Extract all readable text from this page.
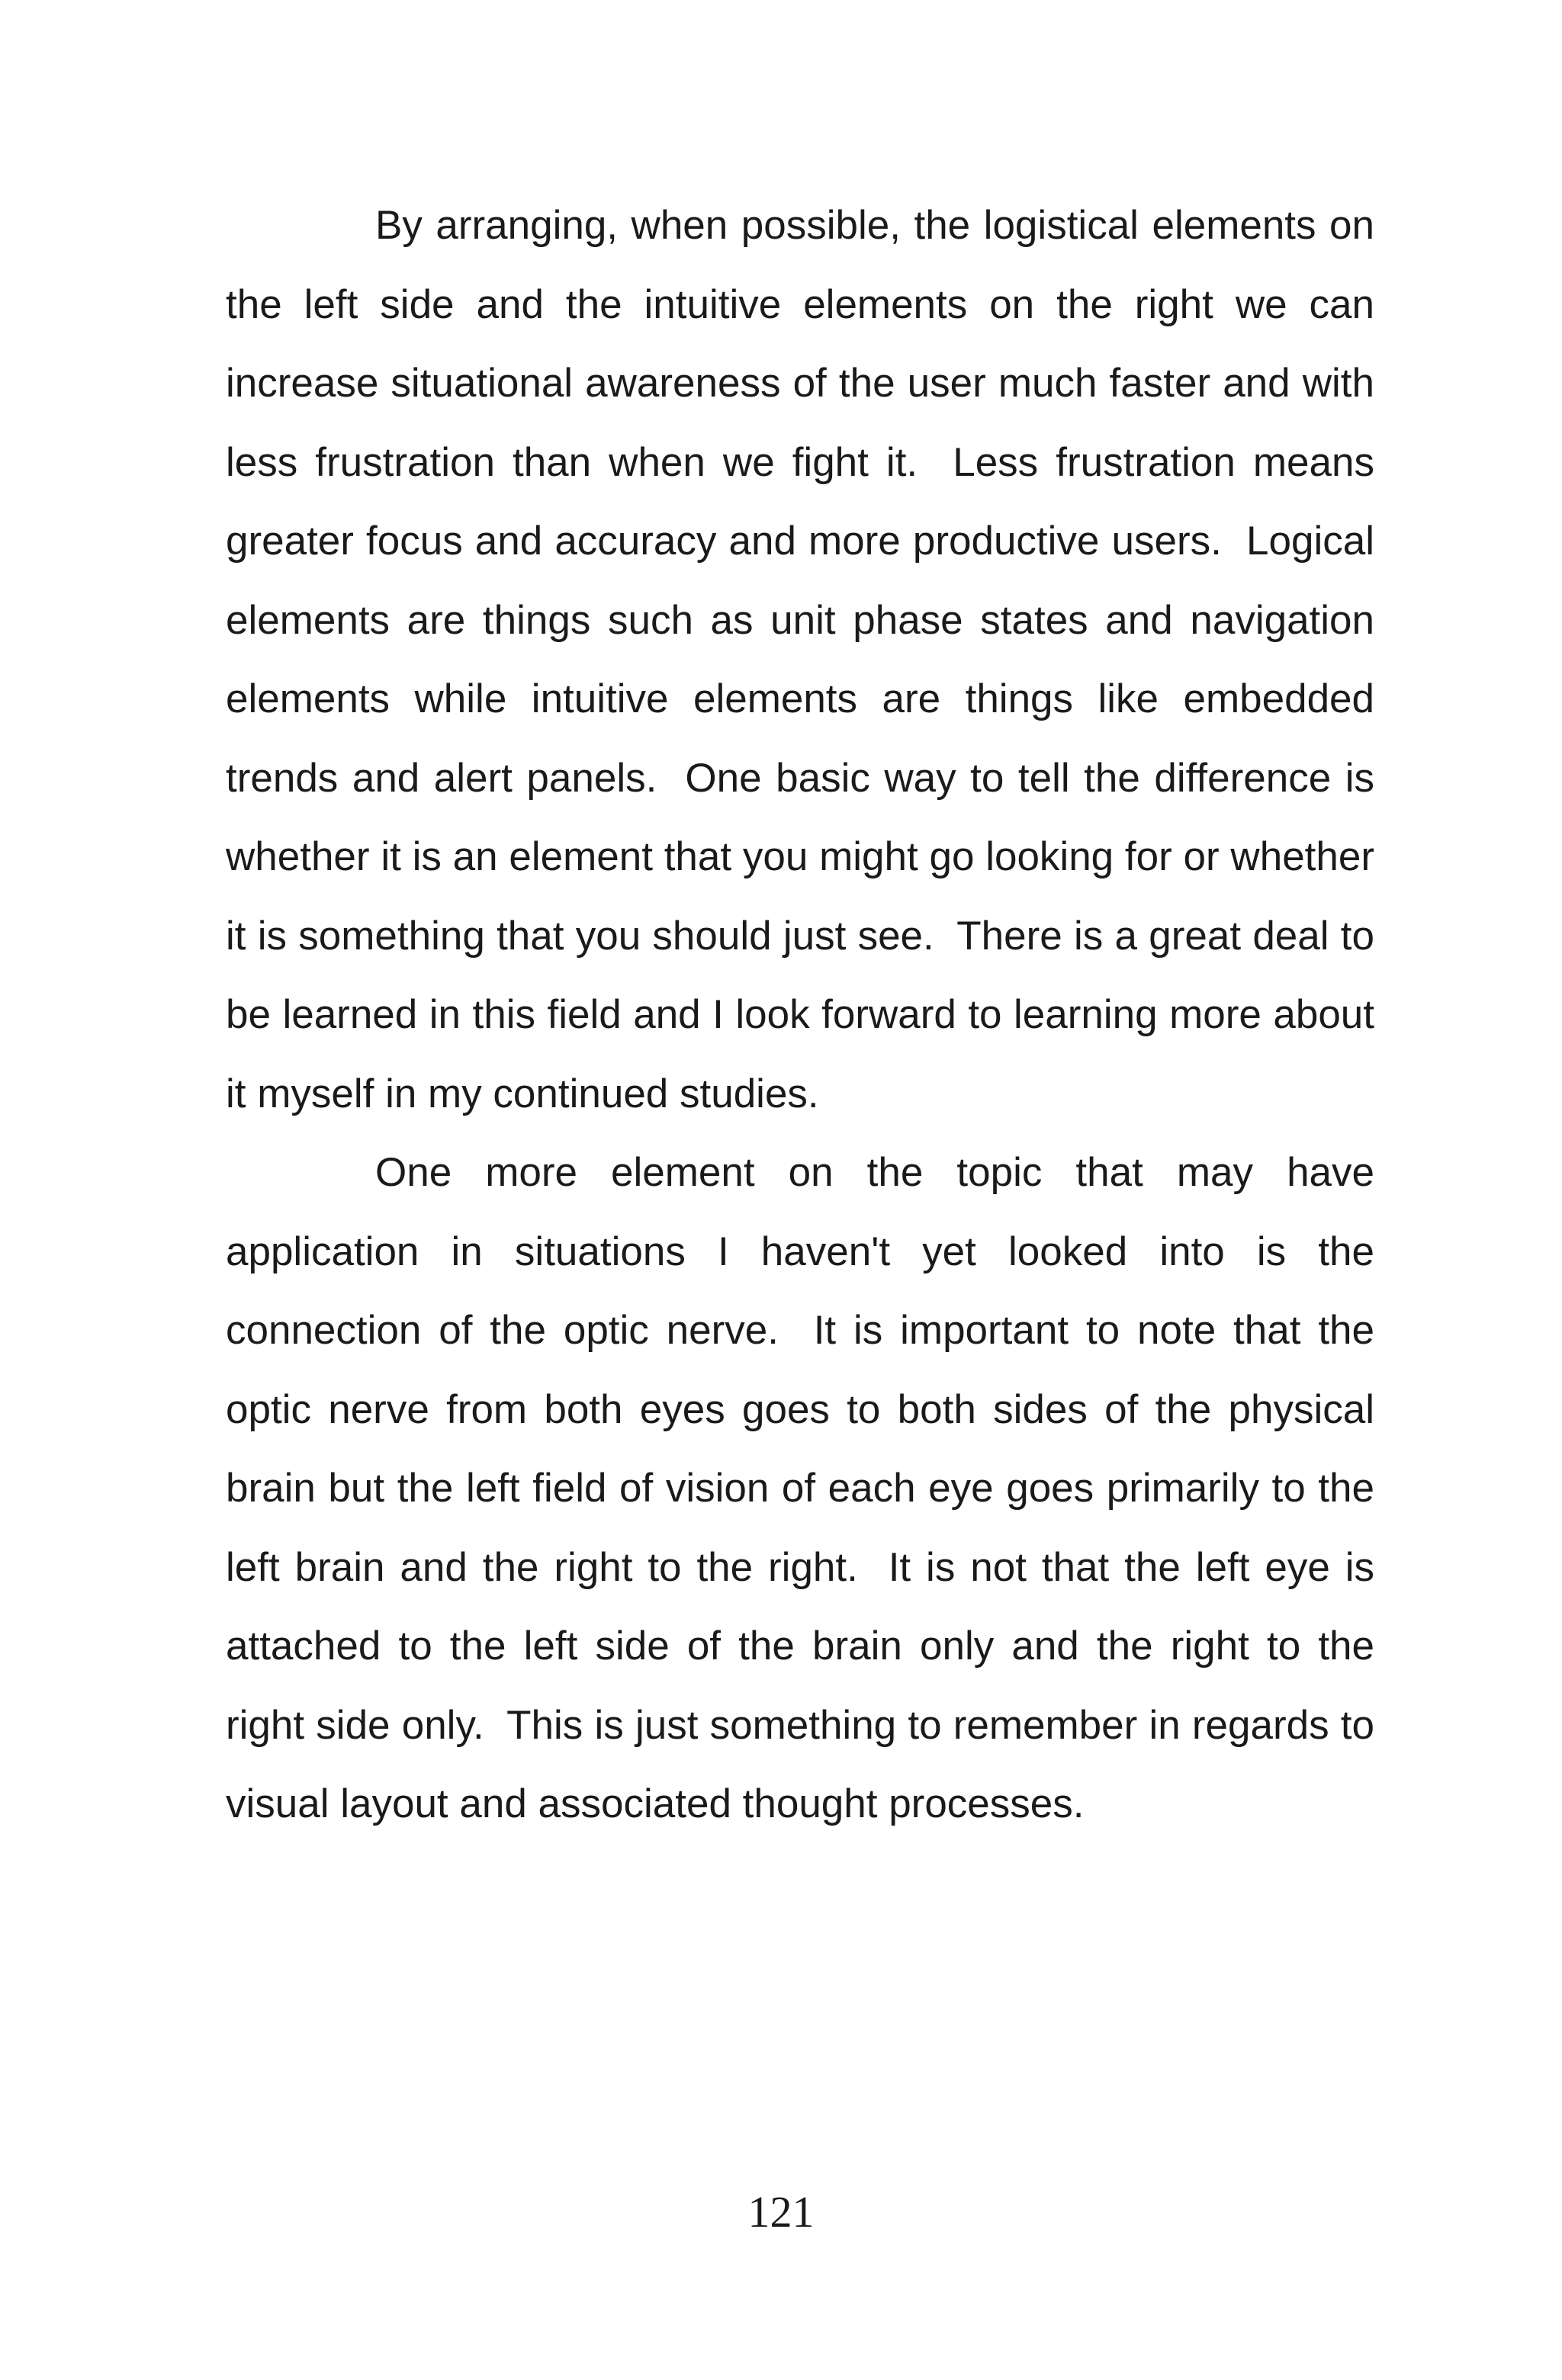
By arranging, when possible, the logistical elements on the left side and the intuitive elements on the right we can increase situational awareness of the user much faster and with less frustration than when we fight it.  Less frustration means greater focus and accuracy and more productive users.  Logical elements are things such as unit phase states and navigation elements while intuitive elements are things like embedded trends and alert panels.  One basic way to tell the difference is whether it is an element that you might go looking for or whether it is something that you should just see.  There is a great deal to be learned in this field and I look forward to learning more about it myself in my continued studies.

One more element on the topic that may have application in situations I haven't yet looked into is the connection of the optic nerve.  It is important to note that the optic nerve from both eyes goes to both sides of the physical brain but the left field of vision of each eye goes primarily to the left brain and the right to the right.  It is not that the left eye is attached to the left side of the brain only and the right to the right side only.  This is just something to remember in regards to visual layout and associated thought processes.

121
